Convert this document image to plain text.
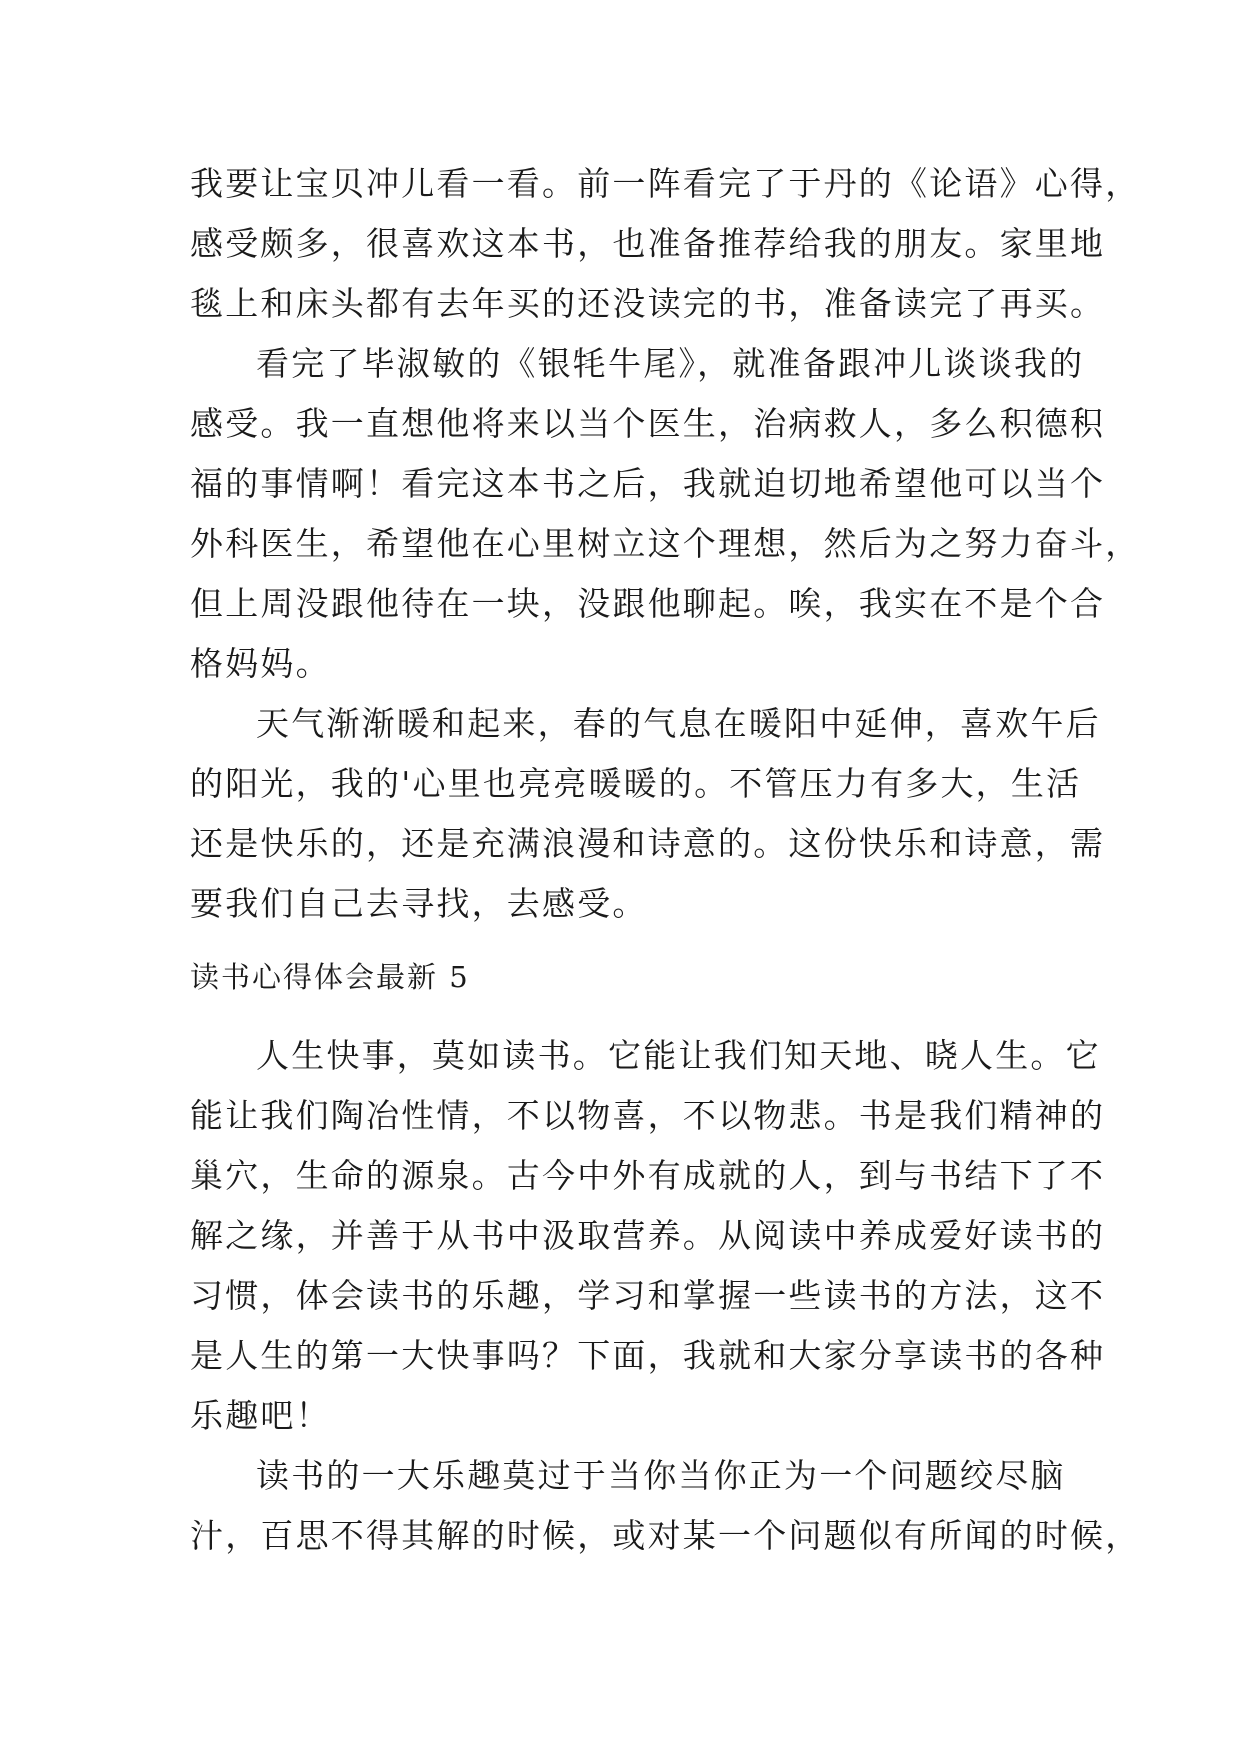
我要让宝贝冲儿看一看。前一阵看完了于丹的《论语》心得，
感受颇多，很喜欢这本书，也准备推荐给我的朋友。家里地
毯上和床头都有去年买的还没读完的书，准备读完了再买。
看完了毕淑敏的《银牦牛尾》，就准备跟冲儿谈谈我的
感受。我一直想他将来以当个医生，治病救人，多么积德积
福的事情啊！看完这本书之后，我就迫切地希望他可以当个
外科医生，希望他在心里树立这个理想，然后为之努力奋斗，
但上周没跟他待在一块，没跟他聊起。唉，我实在不是个合
格妈妈。
天气渐渐暖和起来，春的气息在暖阳中延伸，喜欢午后
的阳光，我的'心里也亮亮暖暖的。不管压力有多大，生活
还是快乐的，还是充满浪漫和诗意的。这份快乐和诗意，需
要我们自己去寻找，去感受。
读书心得体会最新 5
人生快事，莫如读书。它能让我们知天地、晓人生。它
能让我们陶冶性情，不以物喜，不以物悲。书是我们精神的
巢穴，生命的源泉。古今中外有成就的人，到与书结下了不
解之缘，并善于从书中汲取营养。从阅读中养成爱好读书的
习惯，体会读书的乐趣，学习和掌握一些读书的方法，这不
是人生的第一大快事吗？下面，我就和大家分享读书的各种
乐趣吧！
读书的一大乐趣莫过于当你当你正为一个问题绞尽脑
汁，百思不得其解的时候，或对某一个问题似有所闻的时候，
